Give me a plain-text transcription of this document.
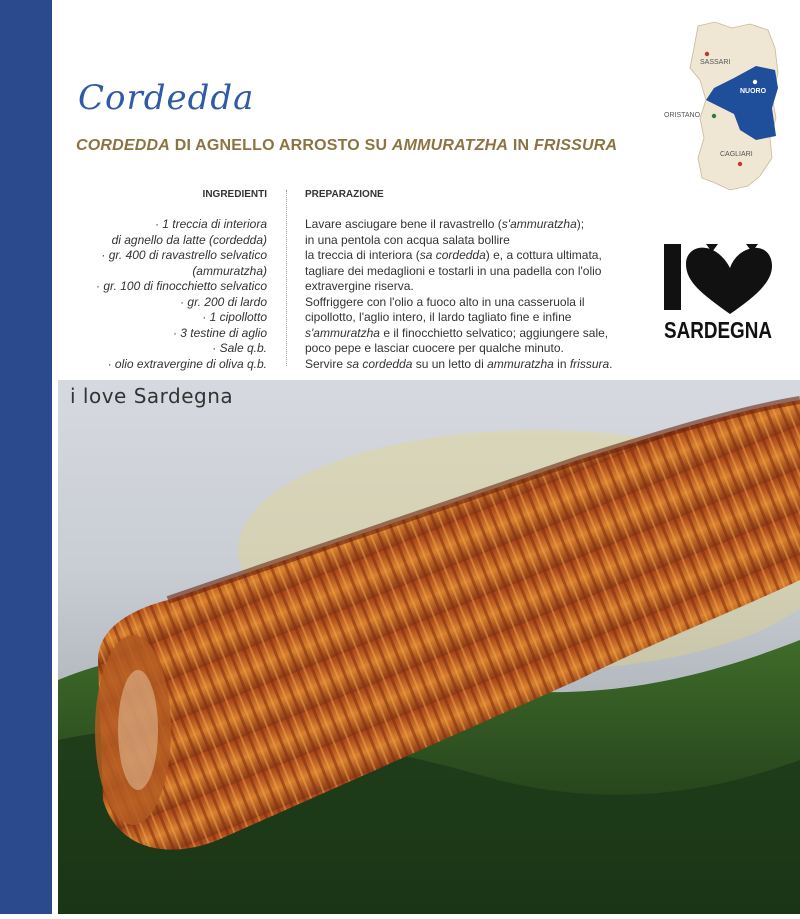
Cordedda
CORDEDDA DI AGNELLO ARROSTO SU AMMURATZHA IN FRISSURA
INGREDIENTI	PREPARAZIONE
· 1 treccia di interiora
di agnello da latte (cordedda)
· gr. 400 di ravastrello selvatico
(ammuratzha)
· gr. 100 di finocchietto selvatico
· gr. 200 di lardo
· 1 cipollotto
· 3 testine di aglio
· Sale q.b.
· olio extravergine di oliva q.b.
Lavare asciugare bene il ravastrello (s'ammuratzha);
in una pentola con acqua salata bollire
la treccia di interiora (sa cordedda) e, a cottura ultimata,
tagliare dei medaglioni e tostarli in una padella con l'olio
extravergine riserva.
Soffriggere con l'olio a fuoco alto in una casseruola il
cipollotto, l'aglio intero, il lardo tagliato fine e infine
s'ammuratzha e il finocchietto selvatico; aggiungere sale,
poco pepe e lasciar cuocere per qualche minuto.
Servire sa cordedda su un letto di ammuratzha in frissura.
SASSARI
NUORO
ORISTANO
CAGLIARI
SARDEGNA
i love Sardegna
